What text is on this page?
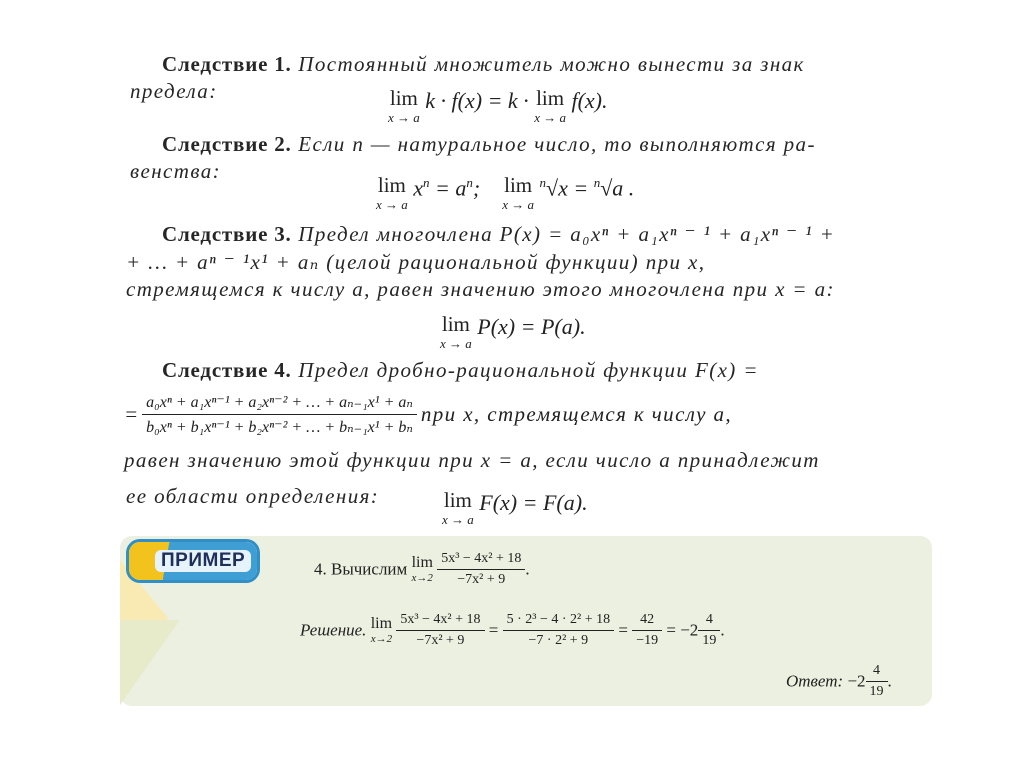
Следствие 1. Постоянный множитель можно вынести за знак
предела:	lim
x → a
k · f(x) = k · lim
x → a
f(x).
Следствие 2. Если n — натуральное число, то выполняются ра-
венства:
lim
x → a
$x^n = a^n$; lim
x → a
$^n$√x = $^n$√a .
Следствие 3. Предел многочлена P(x) = a₀xⁿ + a₁xⁿ ⁻ ¹ + a₁xⁿ ⁻ ¹ +
+ … + aⁿ ⁻ ¹x¹ + aₙ (целой рациональной функции) при x,
стремящемся к числу a, равен значению этого многочлена при x = a:
lim
x → a
P(x) = P(a).
Следствие 4. Предел дробно-рациональной функции F(x) =
= $\frac{\text{a₀xⁿ + a₁xⁿ⁻¹ + a₂xⁿ⁻² + … + aₙ₋₁x¹ + aₙ}}{\text{b₀xⁿ + b₁xⁿ⁻¹ + b₂xⁿ⁻² + … + bₙ₋₁x¹ + bₙ}}$ при x, стремящемся к числу a,
равен значению этой функции при x = a, если число a принадлежит
ее области определения:	lim
x → a
F(x) = F(a).
ПРИМЕР	4. Вычислим lim
x→2
$\frac{\text{5x³ − 4x² + 18}}{\text{−7x² + 9}}$ .
Решение. lim
x→2
$\frac{\text{5x³ − 4x² + 18}}{\text{−7x² + 9}} = \frac{\text{5 · 2³ − 4 · 2² + 18}}{\text{−7 · 2² + 9}} = \frac{42}{-19} = -2 \frac{4}{19}$ .
Ответ: $-2 \frac{4}{19}$ .
